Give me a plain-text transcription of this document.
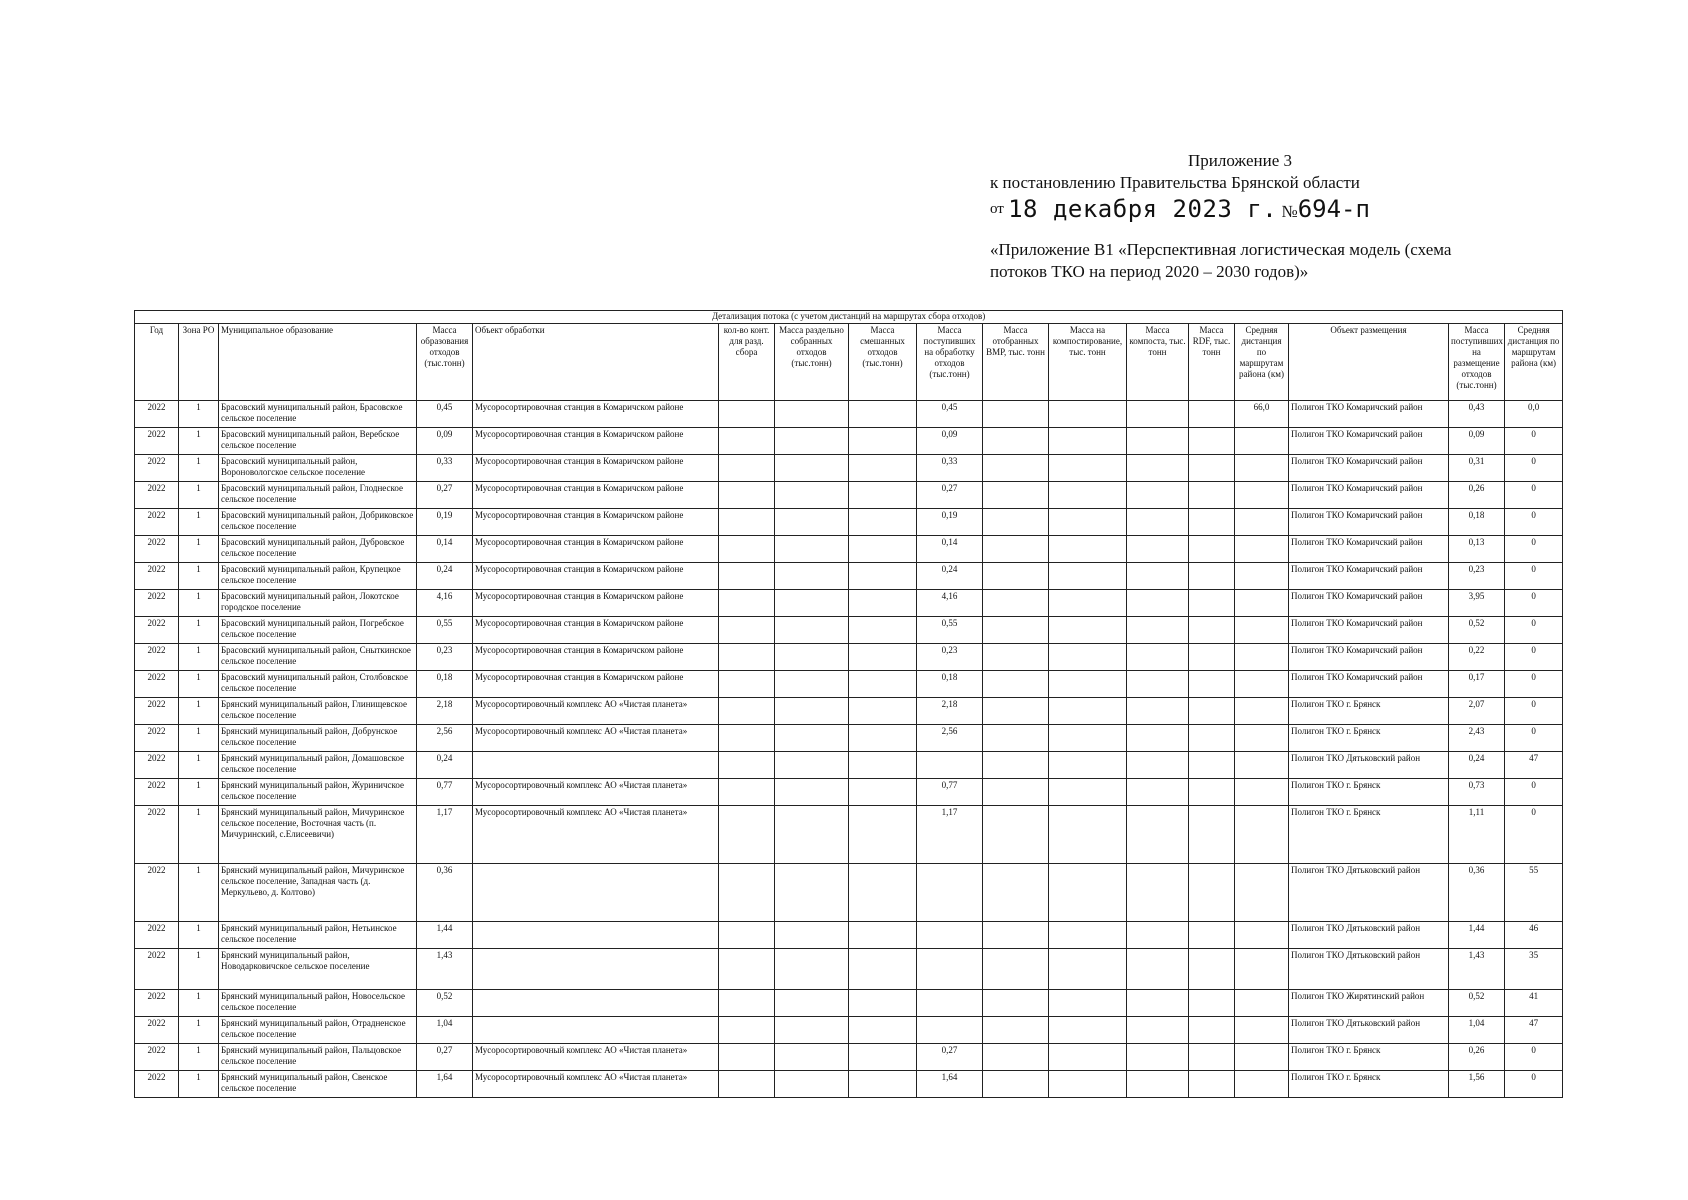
Приложение 3
к постановлению Правительства Брянской области
от 18 декабря 2023 г. №694-п
«Приложение В1 «Перспективная логистическая модель (схема
потоков ТКО на период 2020 – 2030 годов)»
Детализация потока (с учетом дистанций на маршрутах сбора отходов)																
Год	Зона РО	Муниципальное образование	Масса образования отходов (тыс.тонн)	Объект обработки	кол-во конт. для разд. сбора	Масса раздельно собранных отходов (тыс.тонн)	Масса смешанных отходов (тыс.тонн)	Масса поступивших на обработку отходов (тыс.тонн)	Масса отобранных ВМР, тыс. тонн	Масса на компостирование, тыс. тонн	Масса компоста, тыс. тонн	Масса RDF, тыс. тонн	Средняя дистанция по маршрутам района (км)	Объект размещения	Масса поступивших на размещение отходов (тыс.тонн)	Средняя дистанция по маршрутам района (км)
2022	1	Брасовский муниципальный район, Брасовское сельское поселение	0,45	Мусоросортировочная станция в Комаричском районе				0,45					66,0	Полигон ТКО Комаричский район	0,43	0,0
2022	1	Брасовский муниципальный район, Веребское сельское поселение	0,09	Мусоросортировочная станция в Комаричском районе				0,09						Полигон ТКО Комаричский район	0,09	0
2022	1	Брасовский муниципальный район, Вороновологское сельское поселение	0,33	Мусоросортировочная станция в Комаричском районе				0,33						Полигон ТКО Комаричский район	0,31	0
2022	1	Брасовский муниципальный район, Глоднеское сельское поселение	0,27	Мусоросортировочная станция в Комаричском районе				0,27						Полигон ТКО Комаричский район	0,26	0
2022	1	Брасовский муниципальный район, Добриковское сельское поселение	0,19	Мусоросортировочная станция в Комаричском районе				0,19						Полигон ТКО Комаричский район	0,18	0
2022	1	Брасовский муниципальный район, Дубровское сельское поселение	0,14	Мусоросортировочная станция в Комаричском районе				0,14						Полигон ТКО Комаричский район	0,13	0
2022	1	Брасовский муниципальный район, Крупецкое сельское поселение	0,24	Мусоросортировочная станция в Комаричском районе				0,24						Полигон ТКО Комаричский район	0,23	0
2022	1	Брасовский муниципальный район, Локотское городское поселение	4,16	Мусоросортировочная станция в Комаричском районе				4,16						Полигон ТКО Комаричский район	3,95	0
2022	1	Брасовский муниципальный район, Погребское сельское поселение	0,55	Мусоросортировочная станция в Комаричском районе				0,55						Полигон ТКО Комаричский район	0,52	0
2022	1	Брасовский муниципальный район, Сныткинское сельское поселение	0,23	Мусоросортировочная станция в Комаричском районе				0,23						Полигон ТКО Комаричский район	0,22	0
2022	1	Брасовский муниципальный район, Столбовское сельское поселение	0,18	Мусоросортировочная станция в Комаричском районе				0,18						Полигон ТКО Комаричский район	0,17	0
2022	1	Брянский муниципальный район, Глинищевское сельское поселение	2,18	Мусоросортировочный комплекс АО «Чистая планета»				2,18						Полигон ТКО г. Брянск	2,07	0
2022	1	Брянский муниципальный район, Добрунское сельское поселение	2,56	Мусоросортировочный комплекс АО «Чистая планета»				2,56						Полигон ТКО г. Брянск	2,43	0
2022	1	Брянский муниципальный район, Домашовское сельское поселение	0,24											Полигон ТКО Дятьковский район	0,24	47
2022	1	Брянский муниципальный район, Журиничское сельское поселение	0,77	Мусоросортировочный комплекс АО «Чистая планета»				0,77						Полигон ТКО г. Брянск	0,73	0
2022	1	Брянский муниципальный район, Мичуринское сельское поселение, Восточная часть (п. Мичуринский, с.Елисеевичи)	1,17	Мусоросортировочный комплекс АО «Чистая планета»				1,17						Полигон ТКО г. Брянск	1,11	0
2022	1	Брянский муниципальный район, Мичуринское сельское поселение, Западная часть (д. Меркульево, д. Колтово)	0,36											Полигон ТКО Дятьковский район	0,36	55
2022	1	Брянский муниципальный район, Нетьинское сельское поселение	1,44											Полигон ТКО Дятьковский район	1,44	46
2022	1	Брянский муниципальный район, Новодарковичское сельское поселение	1,43											Полигон ТКО Дятьковский район	1,43	35
2022	1	Брянский муниципальный район, Новосельское сельское поселение	0,52											Полигон ТКО Жирятинский район	0,52	41
2022	1	Брянский муниципальный район, Отрадненское сельское поселение	1,04											Полигон ТКО Дятьковский район	1,04	47
2022	1	Брянский муниципальный район, Пальцовское сельское поселение	0,27	Мусоросортировочный комплекс АО «Чистая планета»				0,27						Полигон ТКО г. Брянск	0,26	0
2022	1	Брянский муниципальный район, Свенское сельское поселение	1,64	Мусоросортировочный комплекс АО «Чистая планета»				1,64						Полигон ТКО г. Брянск	1,56	0
